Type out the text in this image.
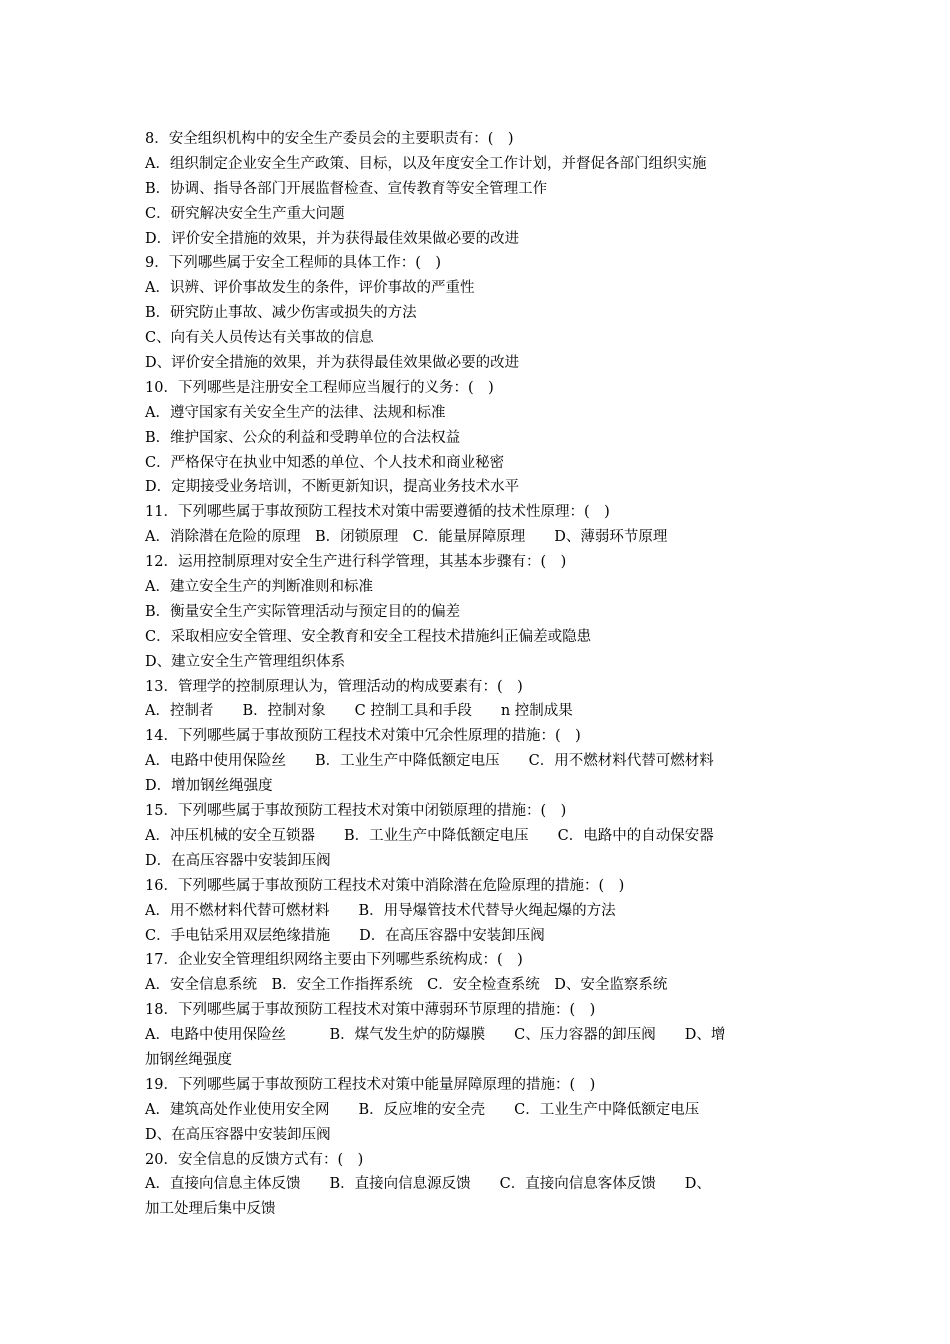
8．安全组织机构中的安全生产委员会的主要职责有：(　)
A．组织制定企业安全生产政策、目标，以及年度安全工作计划，并督促各部门组织实施
B．协调、指导各部门开展监督检查、宣传教育等安全管理工作
C．研究解决安全生产重大问题
D．评价安全措施的效果，并为获得最佳效果做必要的改进
9．下列哪些属于安全工程师的具体工作：(　)
A．识辨、评价事故发生的条件，评价事故的严重性
B．研究防止事故、减少伤害或损失的方法
C、向有关人员传达有关事故的信息
D、评价安全措施的效果，并为获得最佳效果做必要的改进
10．下列哪些是注册安全工程师应当履行的义务：(　)
A．遵守国家有关安全生产的法律、法规和标准
B．维护国家、公众的利益和受聘单位的合法权益
C．严格保守在执业中知悉的单位、个人技术和商业秘密
D．定期接受业务培训，不断更新知识，提高业务技术水平
11．下列哪些属于事故预防工程技术对策中需要遵循的技术性原理：(　)
A．消除潜在危险的原理　B．闭锁原理　C．能量屏障原理　　D、薄弱环节原理
12．运用控制原理对安全生产进行科学管理，其基本步骤有：(　)
A．建立安全生产的判断准则和标准
B．衡量安全生产实际管理活动与预定目的的偏差
C．采取相应安全管理、安全教育和安全工程技术措施纠正偏差或隐患
D、建立安全生产管理组织体系
13．管理学的控制原理认为，管理活动的构成要素有：(　)
A．控制者　　B．控制对象　　C 控制工具和手段　　n 控制成果
14．下列哪些属于事故预防工程技术对策中冗余性原理的措施：(　)
A．电路中使用保险丝　　B．工业生产中降低额定电压　　C．用不燃材料代替可燃材料
D．增加钢丝绳强度
15．下列哪些属于事故预防工程技术对策中闭锁原理的措施：(　)
A．冲压机械的安全互锁器　　B．工业生产中降低额定电压　　C．电路中的自动保安器
D．在高压容器中安装卸压阀
16．下列哪些属于事故预防工程技术对策中消除潜在危险原理的措施：(　)
A．用不燃材料代替可燃材料　　B．用导爆管技术代替导火绳起爆的方法
C．手电钻采用双层绝缘措施　　D．在高压容器中安装卸压阀
17．企业安全管理组织网络主要由下列哪些系统构成：(　)
A．安全信息系统　B．安全工作指挥系统　C．安全检查系统　D、安全监察系统
18．下列哪些属于事故预防工程技术对策中薄弱环节原理的措施：(　)
A．电路中使用保险丝　　　B．煤气发生炉的防爆膜　　C、压力容器的卸压阀　　D、增
加钢丝绳强度
19．下列哪些属于事故预防工程技术对策中能量屏障原理的措施：(　)
A．建筑高处作业使用安全网　　B．反应堆的安全壳　　C．工业生产中降低额定电压
D、在高压容器中安装卸压阀
20．安全信息的反馈方式有：(　)
A．直接向信息主体反馈　　B．直接向信息源反馈　　C．直接向信息客体反馈　　D、
加工处理后集中反馈
